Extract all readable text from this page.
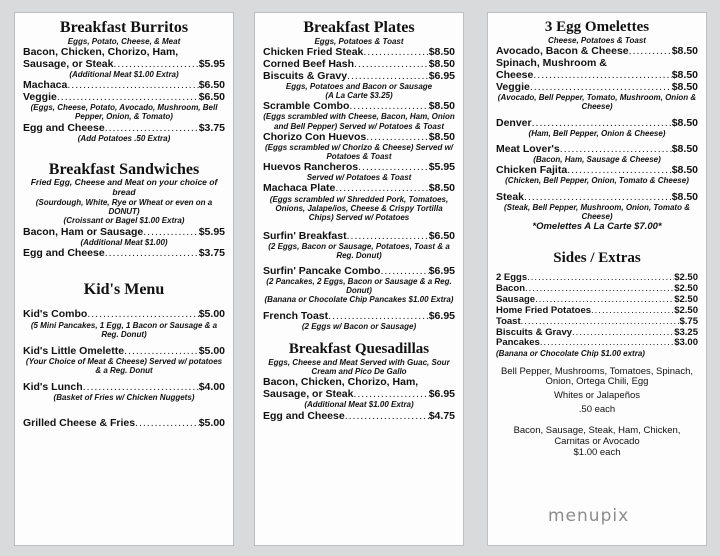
Breakfast Burritos

Eggs, Potato, Cheese, & Meat

Bacon, Chicken, Chorizo, Ham,
Sausage, or Steak .....	$5.95
(Additional Meat $1.00 Extra)
Machaca .....	$6.50
Veggie .....	$6.50
(Eggs, Cheese, Potato, Avocado, Mushroom, Bell Pepper, Onion, & Tomato)
Egg and Cheese .....	$3.75
(Add Potatoes .50 Extra)
Breakfast Sandwiches

Fried Egg, Cheese and Meat on your choice of bread

(Sourdough, White, Rye or Wheat or even on a DONUT)
(Croissant or Bagel $1.00 Extra)
Bacon, Ham or Sausage .....	$5.95
(Additional Meat $1.00)
Egg and Cheese .....	$3.75
Kid's Menu
Kid's Combo .....	$5.00
(5 Mini Pancakes, 1 Egg, 1 Bacon or Sausage & a Reg. Donut)
Kid's Little Omelette .....	$5.00
(Your Choice of Meat & Cheese) Served w/ potatoes & a Reg. Donut
Kid's Lunch .....	$4.00
(Basket of Fries w/ Chicken Nuggets)
Grilled Cheese & Fries .....	$5.00
Breakfast Plates

Eggs, Potatoes & Toast

Chicken Fried Steak .....	$8.50
Corned Beef Hash .....	$8.50
Biscuits & Gravy .....	$6.95
Eggs, Potatoes and Bacon or Sausage
(A La Carte $3.25)
Scramble Combo .....	$8.50
(Eggs scrambled with Cheese, Bacon, Ham, Onion and Bell Pepper) Served w/ Potatoes & Toast
Chorizo Con Huevos .....	$8.50
(Eggs scrambled w/ Chorizo & Cheese) Served w/ Potatoes & Toast
Huevos Rancheros .....	$5.95
Served w/ Potatoes & Toast
Machaca Plate .....	$8.50
(Eggs scrambled w/ Shredded Pork, Tomatoes, Onions, Jalape/ios, Cheese & Crispy Tortilla Chips) Served w/ Potatoes
Surfin' Breakfast .....	$6.50
(2 Eggs, Bacon or Sausage, Potatoes, Toast & a Reg. Donut)
Surfin' Pancake Combo .....	$6.95
(2 Pancakes, 2 Eggs, Bacon or Sausage & a Reg. Donut)
(Banana or Chocolate Chip Pancakes $1.00 Extra)
French Toast .....	$6.95
(2 Eggs w/ Bacon or Sausage)
Breakfast Quesadillas

Eggs, Cheese and Meat Served with Guac, Sour Cream and Pico De Gallo

Bacon, Chicken, Chorizo, Ham,
Sausage, or Steak .....	$6.95
(Additional Meat $1.00 Extra)
Egg and Cheese .....	$4.75
3 Egg Omelettes

Cheese, Potatoes & Toast

Avocado, Bacon & Cheese .....	$8.50
Spinach, Mushroom &
Cheese .....	$8.50
Veggie .....	$8.50
(Avocado, Bell Pepper, Tomato, Mushroom, Onion & Cheese)
Denver .....	$8.50
(Ham, Bell Pepper, Onion & Cheese)
Meat Lover's .....	$8.50
(Bacon, Ham, Sausage & Cheese)
Chicken Fajita .....	$8.50
(Chicken, Bell Pepper, Onion, Tomato & Cheese)
Steak .....	$8.50
(Steak, Bell Pepper, Mushroom, Onion, Tomato & Cheese)
*Omelettes A La Carte $7.00*
Sides / Extras
2 Eggs .....	$2.50
Bacon .....	$2.50
Sausage .....	$2.50
Home Fried Potatoes .....	$2.50
Toast .....	$.75
Biscuits & Gravy .....	$3.25
Pancakes .....	$3.00
(Banana or Chocolate Chip $1.00 extra)
Bell Pepper, Mushrooms, Tomatoes, Spinach, Onion, Ortega Chili, Egg
Whites or Jalapeños
.50 each
Bacon, Sausage, Steak, Ham, Chicken, Carnitas or Avocado
$1.00 each
menupix
